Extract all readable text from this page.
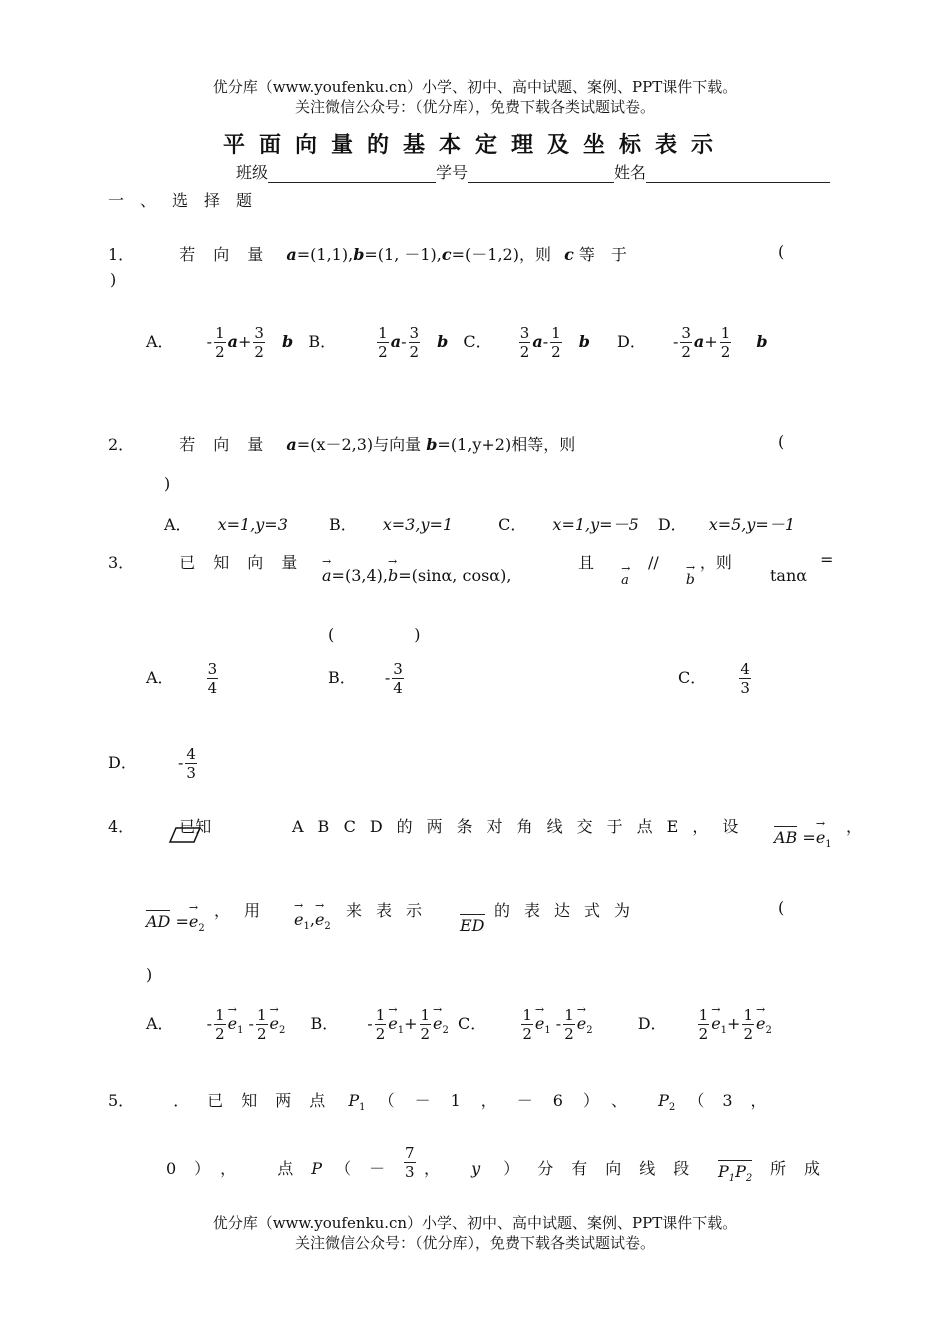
优分库（www.youfenku.cn）小学、初中、高中试题、案例、PPT课件下载。
关注微信公众号：（优分库），免费下载各类试题试卷。
平面向量的基本定理及坐标表示
班级	学号	姓名
一、选择题
1．	若向量 a=(1,1),b=(1, －1),c=(－1,2)，则 c 等于	(
)
A． - $\frac{1}{2} a+ \frac{3}{2}$ b B．	$\frac{1}{2} a- \frac{3}{2}$ b C． $\frac{3}{2} a- \frac{1}{2}$ b D． - $\frac{3}{2} a+ \frac{1}{2}$ b
2．	若向量 a=(x－2,3)与向量 b=(1,y+2)相等，则	(
)
A． x=1,y=3	B． x=3,y=1	C． x=1,y=－5 D． x=5,y=－1
3．	已知向量
→ a=(3,4),→ b=(sinα, cosα),
且 → a // → b ，则
tanα
=
(　　　　　)
A． $\frac{3}{4}$	B． - $\frac{3}{4}$	C． $\frac{4}{3}$
D．	- $\frac{4}{3}$
4．	已知	ABCD的两条对角线交于点E，设
AB =→ $e_1$
，
AD =→ $e_2$
，用
→ $e_1,\to e_2$
来表示
ED
的表达式为	(
)
A． - $\frac{1}{2}$
→ $e_1 - \frac{1}{2}$
→ $e_2$ B． - $\frac{1}{2}$
→ $e_1+ \frac{1}{2}$
→ $e_2$ C． $\frac{1}{2}$
→ $e_1 - \frac{1}{2}$
→ $e_2$	D． $\frac{1}{2}$
→ $e_1+ \frac{1}{2}$
→ $e_2$
5． ．已知两点 $P_1$ （－1，－6）、 $P_2$ （3，
0）， 点P （－ $\frac{7}{3}$ ， y ）分有向线段 $P_1P_2$
所成
优分库（www.youfenku.cn）小学、初中、高中试题、案例、PPT课件下载。
关注微信公众号：（优分库），免费下载各类试题试卷。
